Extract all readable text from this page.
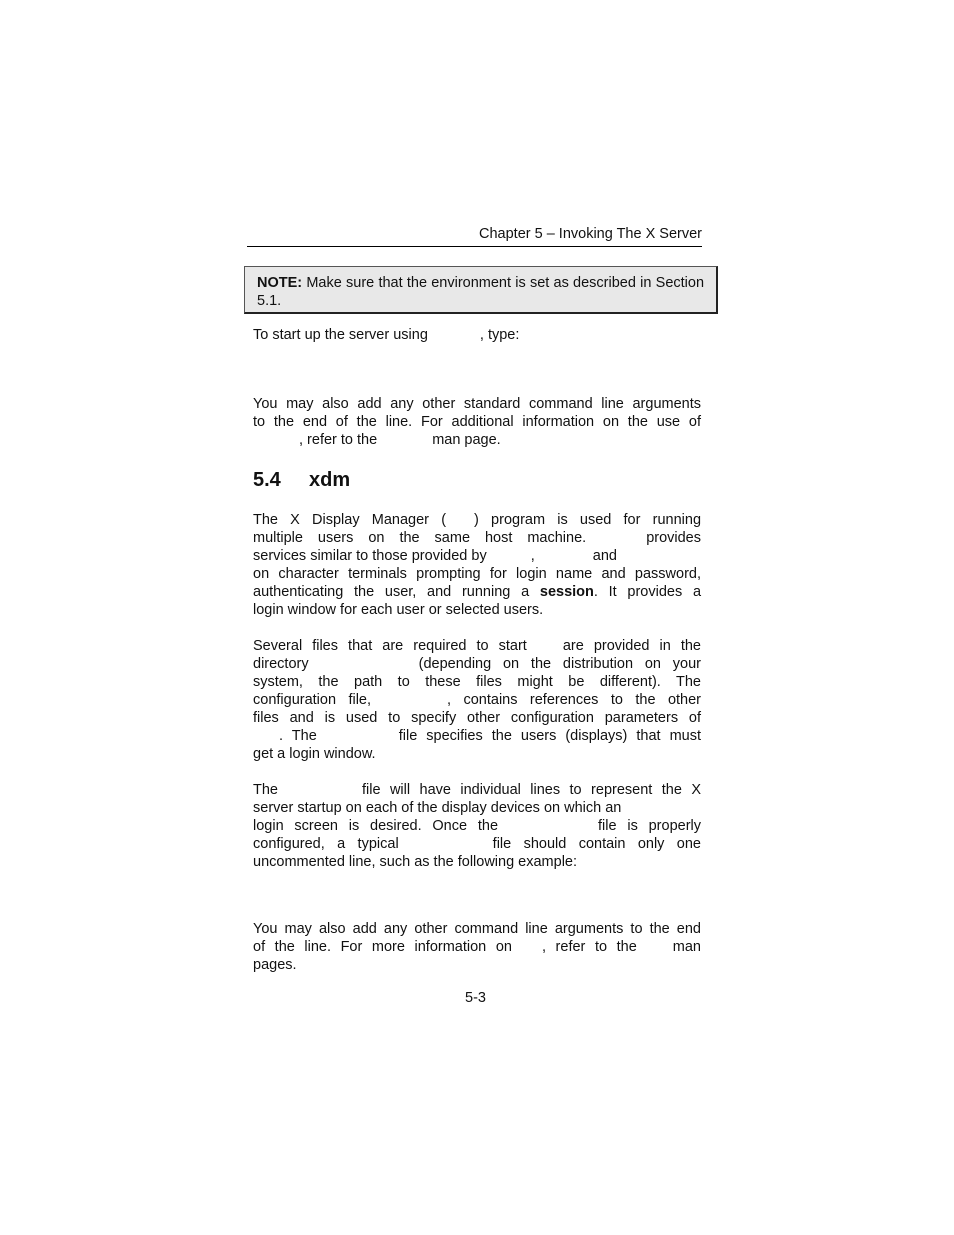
Chapter 5 – Invoking The X Server
NOTE: Make sure that the environment is set as described in Section 5.1.
To start up the server using	, type:
You may also add any other standard command line arguments
to the end of the line. For additional information on the use of
, refer to the	man page.
5.4 xdm
The X Display Manager ( ) program is used for running
multiple users on the same host machine.	provides
services similar to those provided by	,	and
on character terminals prompting for login name and password,
authenticating the user, and running a session. It provides a
login window for each user or selected users.
Several files that are required to start are provided in the
directory	(depending on the distribution on your
system, the path to these files might be different). The
configuration file,	, contains references to the other
files and is used to specify other configuration parameters of
. The	file specifies the users (displays) that must
get a login window.
The	file will have individual lines to represent the X
server startup on each of the display devices on which an
login screen is desired. Once the	file is properly
configured, a typical	file should contain only one
uncommented line, such as the following example:
You may also add any other command line arguments to the end
of the line. For more information on , refer to the man
pages.
5-3
